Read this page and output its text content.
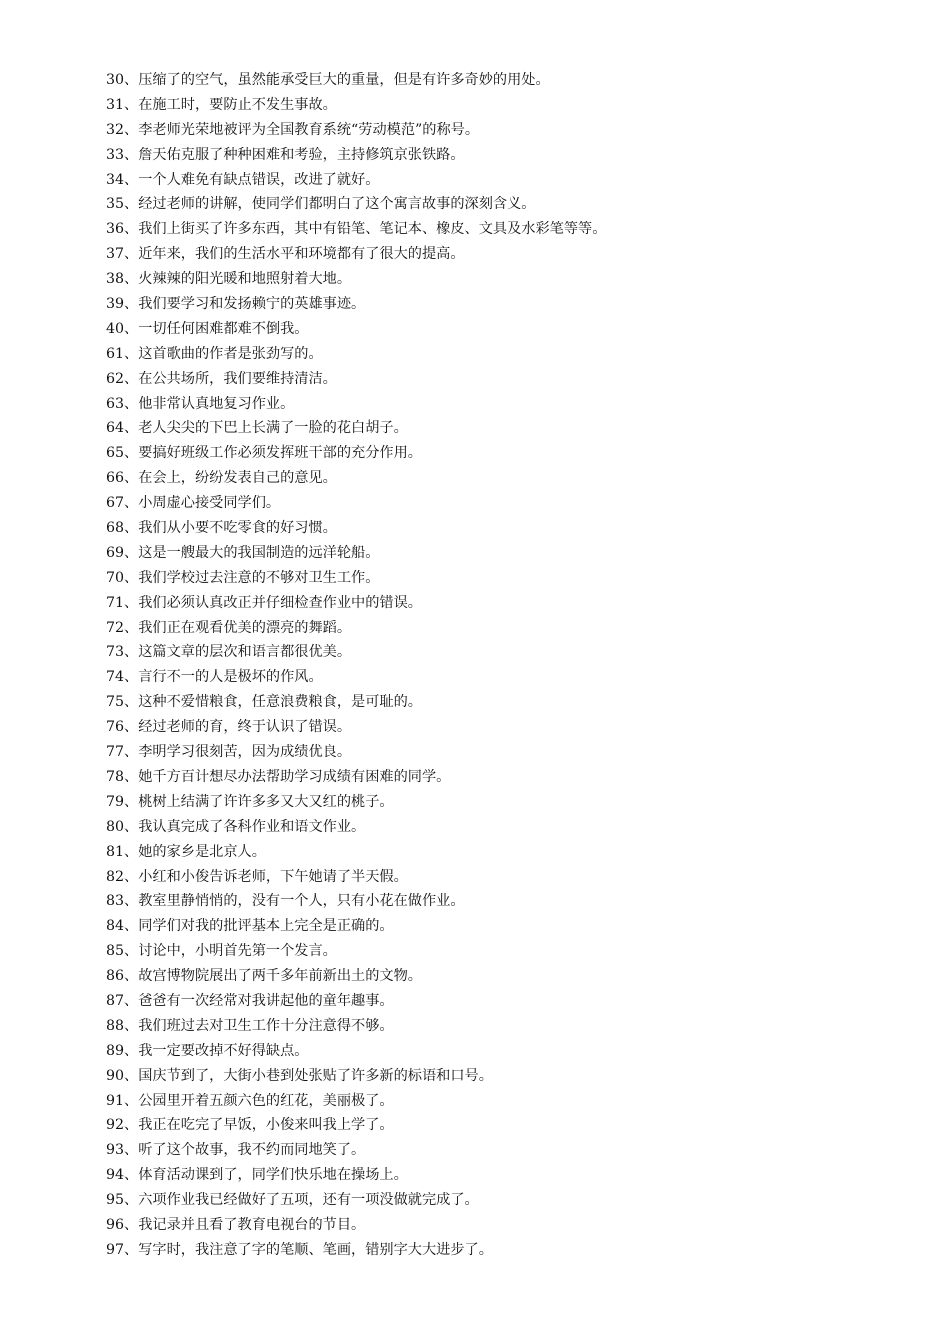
30、压缩了的空气，虽然能承受巨大的重量，但是有许多奇妙的用处。
31、在施工时，要防止不发生事故。
32、李老师光荣地被评为全国教育系统“劳动模范”的称号。
33、詹天佑克服了种种困难和考验，主持修筑京张铁路。
34、一个人难免有缺点错误，改进了就好。
35、经过老师的讲解，使同学们都明白了这个寓言故事的深刻含义。
36、我们上街买了许多东西，其中有铅笔、笔记本、橡皮、文具及水彩笔等等。
37、近年来，我们的生活水平和环境都有了很大的提高。
38、火辣辣的阳光暖和地照射着大地。
39、我们要学习和发扬赖宁的英雄事迹。
40、一切任何困难都难不倒我。
61、这首歌曲的作者是张劲写的。
62、在公共场所，我们要维持清洁。
63、他非常认真地复习作业。
64、老人尖尖的下巴上长满了一脸的花白胡子。
65、要搞好班级工作必须发挥班干部的充分作用。
66、在会上，纷纷发表自己的意见。
67、小周虚心接受同学们。
68、我们从小要不吃零食的好习惯。
69、这是一艘最大的我国制造的远洋轮船。
70、我们学校过去注意的不够对卫生工作。
71、我们必须认真改正并仔细检查作业中的错误。
72、我们正在观看优美的漂亮的舞蹈。
73、这篇文章的层次和语言都很优美。
74、言行不一的人是极坏的作风。
75、这种不爱惜粮食，任意浪费粮食，是可耻的。
76、经过老师的育，终于认识了错误。
77、李明学习很刻苦，因为成绩优良。
78、她千方百计想尽办法帮助学习成绩有困难的同学。
79、桃树上结满了许许多多又大又红的桃子。
80、我认真完成了各科作业和语文作业。
81、她的家乡是北京人。
82、小红和小俊告诉老师，下午她请了半天假。
83、教室里静悄悄的，没有一个人，只有小花在做作业。
84、同学们对我的批评基本上完全是正确的。
85、讨论中，小明首先第一个发言。
86、故宫博物院展出了两千多年前新出土的文物。
87、爸爸有一次经常对我讲起他的童年趣事。
88、我们班过去对卫生工作十分注意得不够。
89、我一定要改掉不好得缺点。
90、国庆节到了，大街小巷到处张贴了许多新的标语和口号。
91、公园里开着五颜六色的红花，美丽极了。
92、我正在吃完了早饭，小俊来叫我上学了。
93、听了这个故事，我不约而同地笑了。
94、体育活动课到了，同学们快乐地在操场上。
95、六项作业我已经做好了五项，还有一项没做就完成了。
96、我记录并且看了教育电视台的节目。
97、写字时，我注意了字的笔顺、笔画，错别字大大进步了。
